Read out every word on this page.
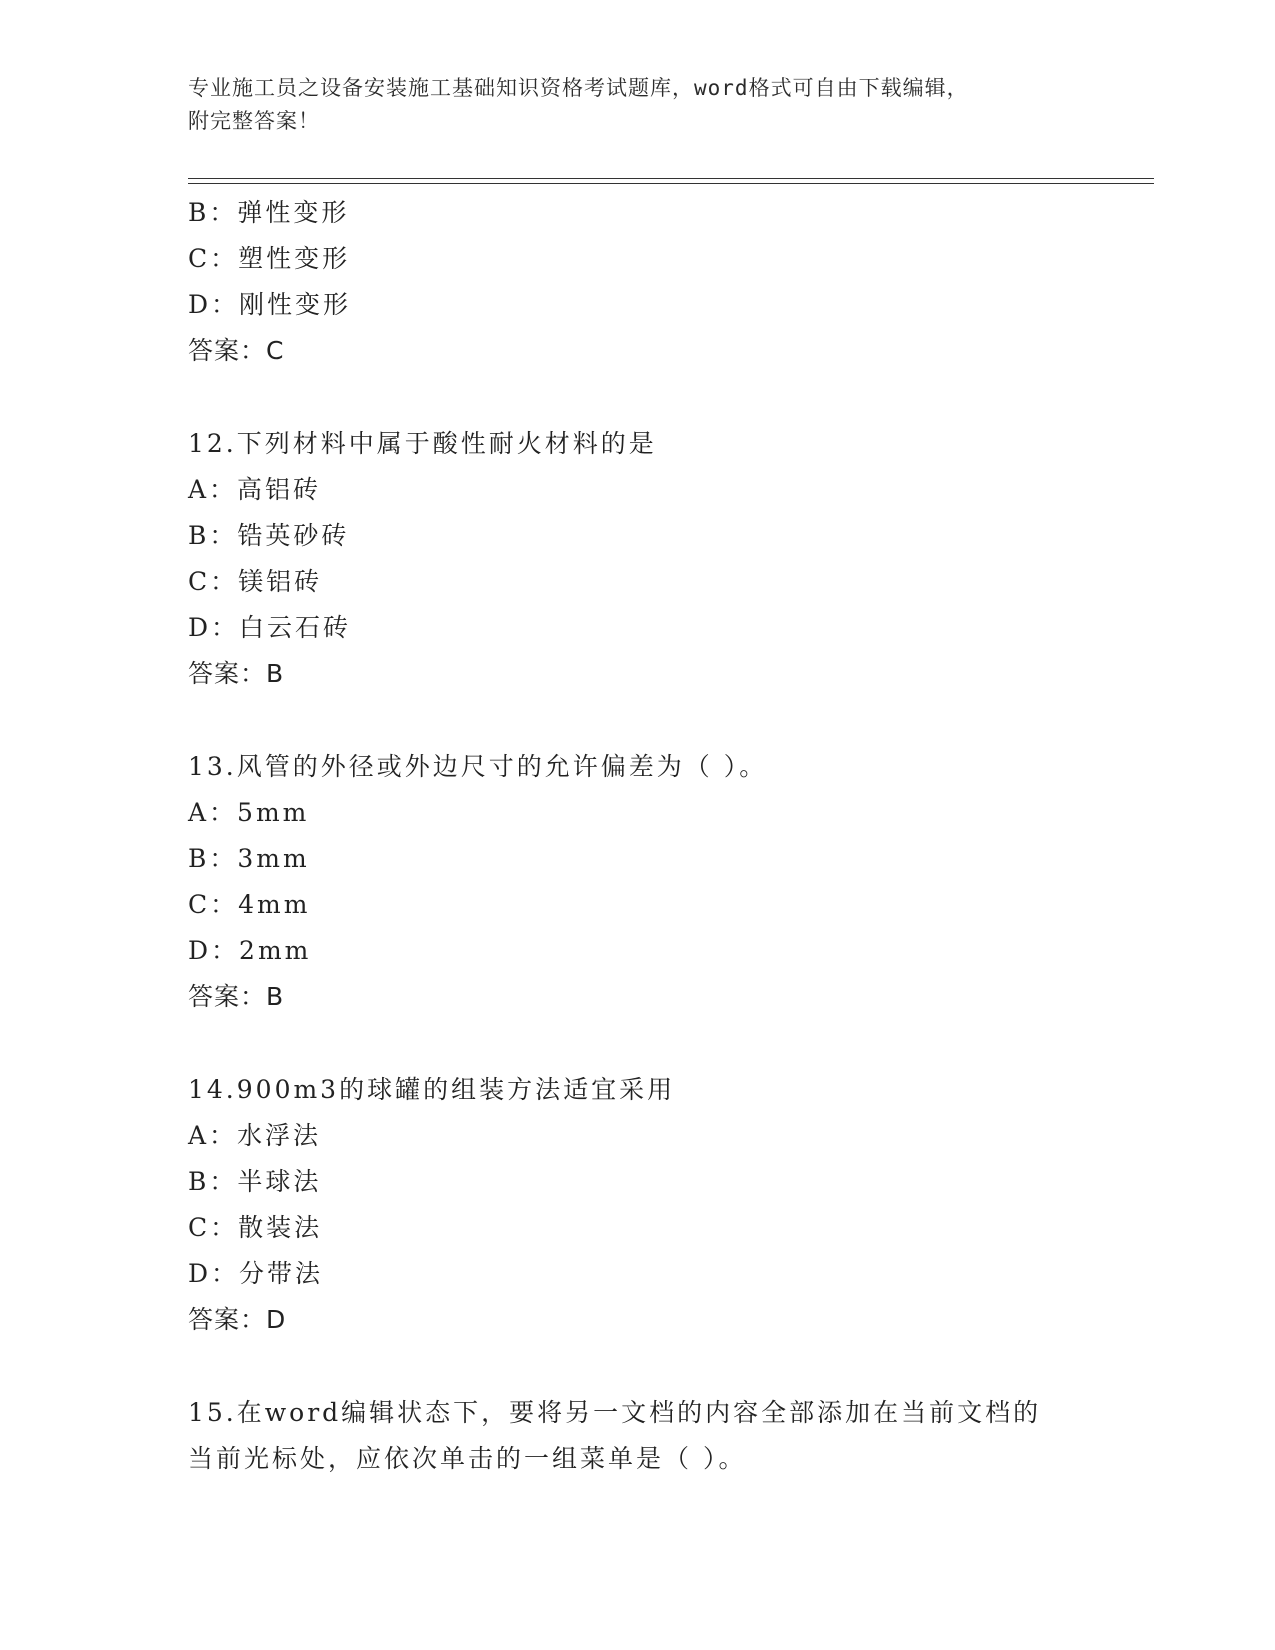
专业施工员之设备安装施工基础知识资格考试题库，word格式可自由下载编辑，
附完整答案！
B：弹性变形
C：塑性变形
D：刚性变形
答案：C
12.下列材料中属于酸性耐火材料的是
A：高铝砖
B：锆英砂砖
C：镁铝砖
D：白云石砖
答案：B
13.风管的外径或外边尺寸的允许偏差为（ ）。
A：5mm
B：3mm
C：4mm
D：2mm
答案：B
14.900m3的球罐的组装方法适宜采用
A：水浮法
B：半球法
C：散装法
D：分带法
答案：D
15.在word编辑状态下，要将另一文档的内容全部添加在当前文档的
当前光标处，应依次单击的一组菜单是（ ）。
